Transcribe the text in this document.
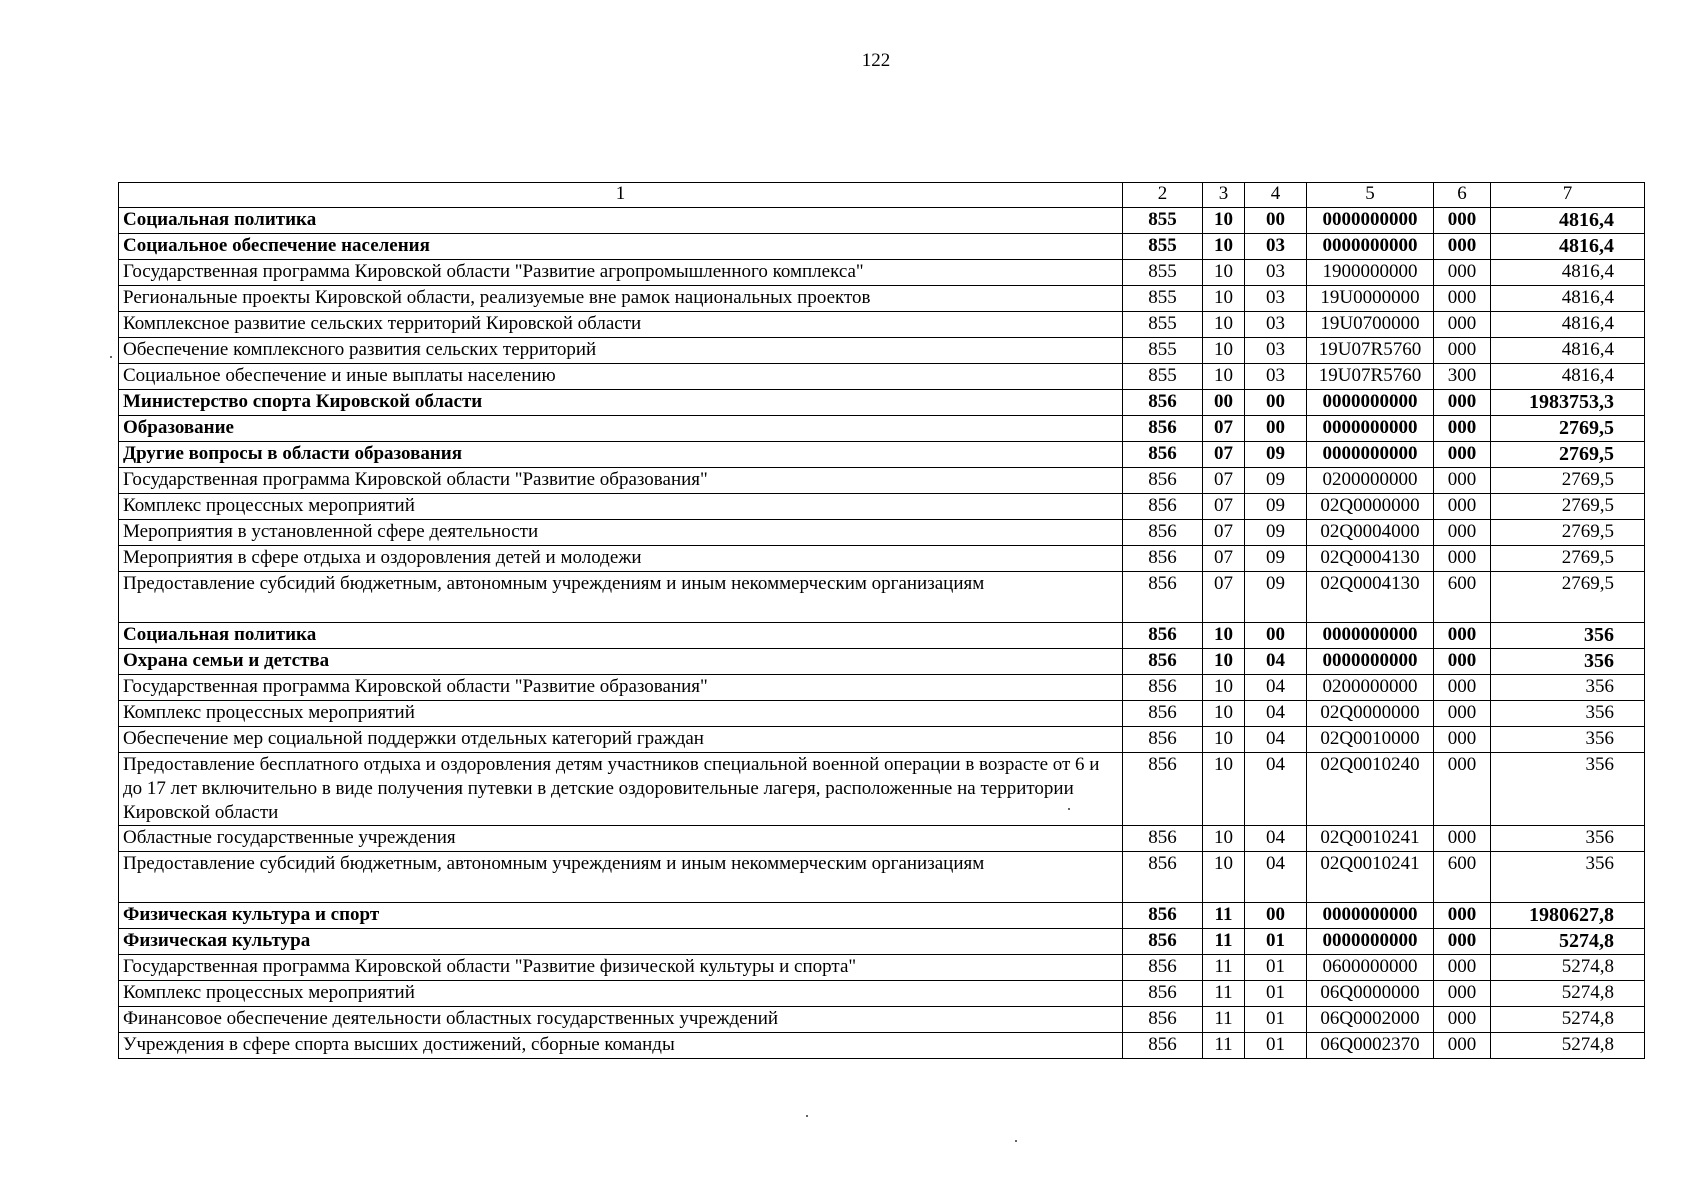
122
1	2	3	4	5	6	7
Социальная политика	855	10	00	0000000000	000	4816,4
Социальное обеспечение населения	855	10	03	0000000000	000	4816,4
Государственная программа Кировской области "Развитие агропромышленного комплекса"	855	10	03	1900000000	000	4816,4
Региональные проекты Кировской области, реализуемые вне рамок национальных проектов	855	10	03	19U0000000	000	4816,4
Комплексное развитие сельских территорий Кировской области	855	10	03	19U0700000	000	4816,4
Обеспечение комплексного развития сельских территорий	855	10	03	19U07R5760	000	4816,4
Социальное обеспечение и иные выплаты населению	855	10	03	19U07R5760	300	4816,4
Министерство спорта Кировской области	856	00	00	0000000000	000	1983753,3
Образование	856	07	00	0000000000	000	2769,5
Другие вопросы в области образования	856	07	09	0000000000	000	2769,5
Государственная программа Кировской области "Развитие образования"	856	07	09	0200000000	000	2769,5
Комплекс процессных мероприятий	856	07	09	02Q0000000	000	2769,5
Мероприятия в установленной сфере деятельности	856	07	09	02Q0004000	000	2769,5
Мероприятия в сфере отдыха и оздоровления детей и молодежи	856	07	09	02Q0004130	000	2769,5
Предоставление субсидий бюджетным, автономным учреждениям и иным некоммерческим организациям	856	07	09	02Q0004130	600	2769,5
Социальная политика	856	10	00	0000000000	000	356
Охрана семьи и детства	856	10	04	0000000000	000	356
Государственная программа Кировской области "Развитие образования"	856	10	04	0200000000	000	356
Комплекс процессных мероприятий	856	10	04	02Q0000000	000	356
Обеспечение мер социальной поддержки отдельных категорий граждан	856	10	04	02Q0010000	000	356
Предоставление бесплатного отдыха и оздоровления детям участников специальной военной операции в возрасте от 6 и до 17 лет включительно в виде получения путевки в детские оздоровительные лагеря, расположенные на территории Кировской области	856	10	04	02Q0010240	000	356
Областные государственные учреждения	856	10	04	02Q0010241	000	356
Предоставление субсидий бюджетным, автономным учреждениям и иным некоммерческим организациям	856	10	04	02Q0010241	600	356
Физическая культура и спорт	856	11	00	0000000000	000	1980627,8
Физическая культура	856	11	01	0000000000	000	5274,8
Государственная программа Кировской области "Развитие физической культуры и спорта"	856	11	01	0600000000	000	5274,8
Комплекс процессных мероприятий	856	11	01	06Q0000000	000	5274,8
Финансовое обеспечение деятельности областных государственных учреждений	856	11	01	06Q0002000	000	5274,8
Учреждения в сфере спорта высших достижений, сборные команды	856	11	01	06Q0002370	000	5274,8
